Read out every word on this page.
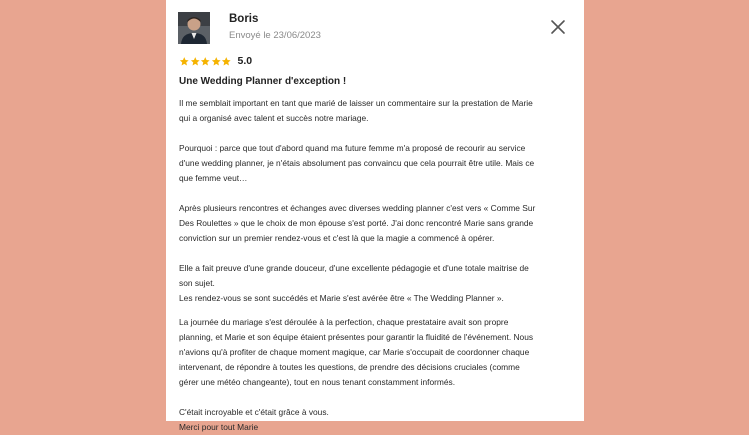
Boris
Envoyé le 23/06/2023
5.0
Une Wedding Planner d'exception !

Il me semblait important en tant que marié de laisser un commentaire sur la prestation de Marie
qui a organisé avec talent et succès notre mariage.

Pourquoi : parce que tout d'abord quand ma future femme m'a proposé de recourir au service
d'une wedding planner, je n'étais absolument pas convaincu que cela pourrait être utile. Mais ce
que femme veut…

Après plusieurs rencontres et échanges avec diverses wedding planner c'est vers « Comme Sur
Des Roulettes » que le choix de mon épouse s'est porté. J'ai donc rencontré Marie sans grande
conviction sur un premier rendez-vous et c'est là que la magie a commencé à opérer.

Elle a fait preuve d'une grande douceur, d'une excellente pédagogie et d'une totale maitrise de
son sujet.
Les rendez-vous se sont succédés et Marie s'est avérée être « The Wedding Planner ».

La journée du mariage s'est déroulée à la perfection, chaque prestataire avait son propre
planning, et Marie et son équipe étaient présentes pour garantir la fluidité de l'événement. Nous
n'avions qu'à profiter de chaque moment magique, car Marie s'occupait de coordonner chaque
intervenant, de répondre à toutes les questions, de prendre des décisions cruciales (comme
gérer une météo changeante), tout en nous tenant constamment informés.

C'était incroyable et c'était grâce à vous.
Merci pour tout Marie
